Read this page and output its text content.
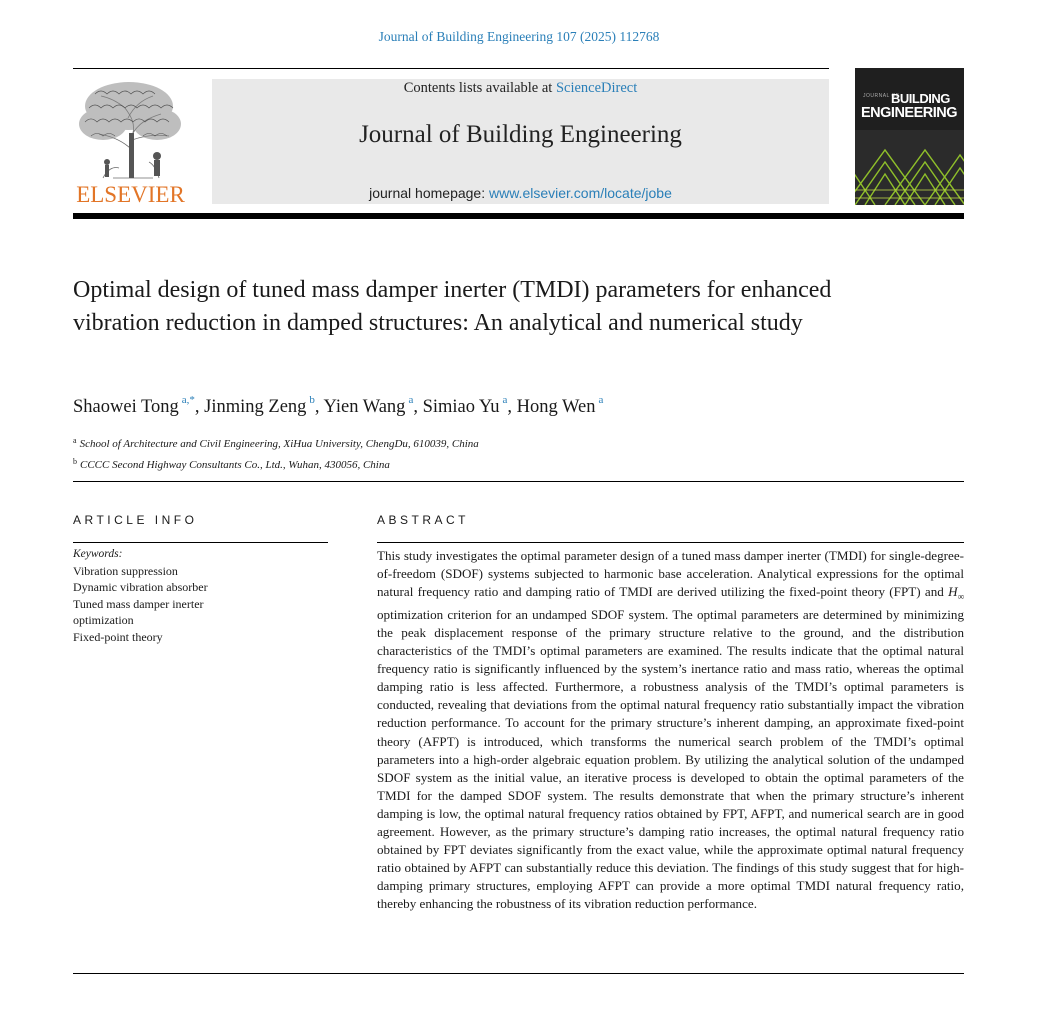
Journal of Building Engineering 107 (2025) 112768
ELSEVIER
Contents lists available at ScienceDirect
Journal of Building Engineering
journal homepage: www.elsevier.com/locate/jobe
JOURNAL OF
BUILDING
ENGINEERING
Optimal design of tuned mass damper inerter (TMDI) parameters for enhanced vibration reduction in damped structures: An analytical and numerical study
Shaowei Tong $^{a,*}$, Jinming Zeng $^b$, Yien Wang $^a$, Simiao Yu $^a$, Hong Wen $^a$
$^a$ School of Architecture and Civil Engineering, XiHua University, ChengDu, 610039, China
$^b$ CCCC Second Highway Consultants Co., Ltd., Wuhan, 430056, China
ARTICLE INFO
Keywords:
Vibration suppression
Dynamic vibration absorber
Tuned mass damper inerter
optimization
Fixed-point theory
ABSTRACT
This study investigates the optimal parameter design of a tuned mass damper inerter (TMDI) for single-degree-of-freedom (SDOF) systems subjected to harmonic base acceleration. Analytical expressions for the optimal natural frequency ratio and damping ratio of TMDI are derived utilizing the fixed-point theory (FPT) and $H_\infty$ optimization criterion for an undamped SDOF system. The optimal parameters are determined by minimizing the peak displacement response of the primary structure relative to the ground, and the distribution characteristics of the TMDI’s optimal parameters are examined. The results indicate that the optimal natural frequency ratio is significantly influenced by the system’s inertance ratio and mass ratio, whereas the optimal damping ratio is less affected. Furthermore, a robustness analysis of the TMDI’s optimal parameters is conducted, revealing that deviations from the optimal natural frequency ratio substantially impact the vibration reduction performance. To account for the primary structure’s inherent damping, an approximate fixed-point theory (AFPT) is introduced, which transforms the numerical search problem of the TMDI’s optimal parameters into a high-order algebraic equation problem. By utilizing the analytical solution of the undamped SDOF system as the initial value, an iterative process is developed to obtain the optimal parameters of the TMDI for the damped SDOF system. The results demonstrate that when the primary structure’s inherent damping is low, the optimal natural frequency ratios obtained by FPT, AFPT, and numerical search are in good agreement. However, as the primary structure’s damping ratio increases, the optimal natural frequency ratio obtained by FPT deviates significantly from the exact value, while the approximate optimal natural frequency ratio obtained by AFPT can substantially reduce this deviation. The findings of this study suggest that for high-damping primary structures, employing AFPT can provide a more optimal TMDI natural frequency ratio, thereby enhancing the robustness of its vibration reduction performance.
